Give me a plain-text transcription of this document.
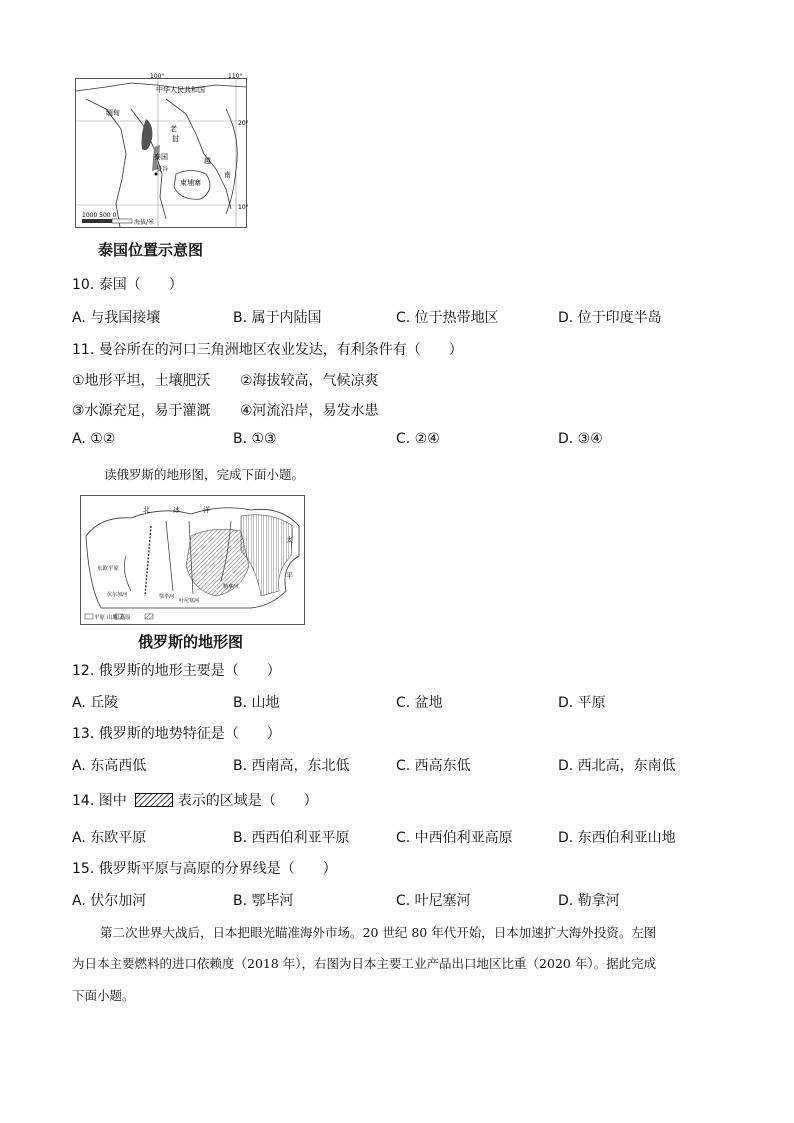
1000 500 0
海拔/米
100°	110°
20°
10°
中华人民共和国
缅甸
老
挝
泰国
曼谷
柬埔寨
越
南
泰国位置示意图
10. 泰国（　　）
A. 与我国接壤	B. 属于内陆国	C. 位于热带地区	D. 位于印度半岛
11. 曼谷所在的河口三角洲地区农业发达，有利条件有（　　）
①地形平坦，土壤肥沃 ②海拔较高，气候凉爽
③水源充足，易于灌溉 ④河流沿岸，易发水患
A. ①②	B. ①③	C. ②④	D. ③④
读俄罗斯的地形图，完成下面小题。
平原 山地 高原
北	冰	洋
太
平
东欧平原
伏尔加河	鄂毕河
叶尼塞河
勒拿河
俄罗斯的地形图
12. 俄罗斯的地形主要是（　　）
A. 丘陵	B. 山地	C. 盆地	D. 平原
13. 俄罗斯的地势特征是（　　）
A. 东高西低	B. 西南高，东北低	C. 西高东低	D. 西北高，东南低
14. 图中	表示的区域是（　　）
A. 东欧平原	B. 西西伯利亚平原	C. 中西伯利亚高原	D. 东西伯利亚山地
15. 俄罗斯平原与高原的分界线是（　　）
A. 伏尔加河	B. 鄂毕河	C. 叶尼塞河	D. 勒拿河
第二次世界大战后，日本把眼光瞄准海外市场。20 世纪 80 年代开始，日本加速扩大海外投资。左图
为日本主要燃料的进口依赖度（2018 年），右图为日本主要工业产品出口地区比重（2020 年）。据此完成
下面小题。
